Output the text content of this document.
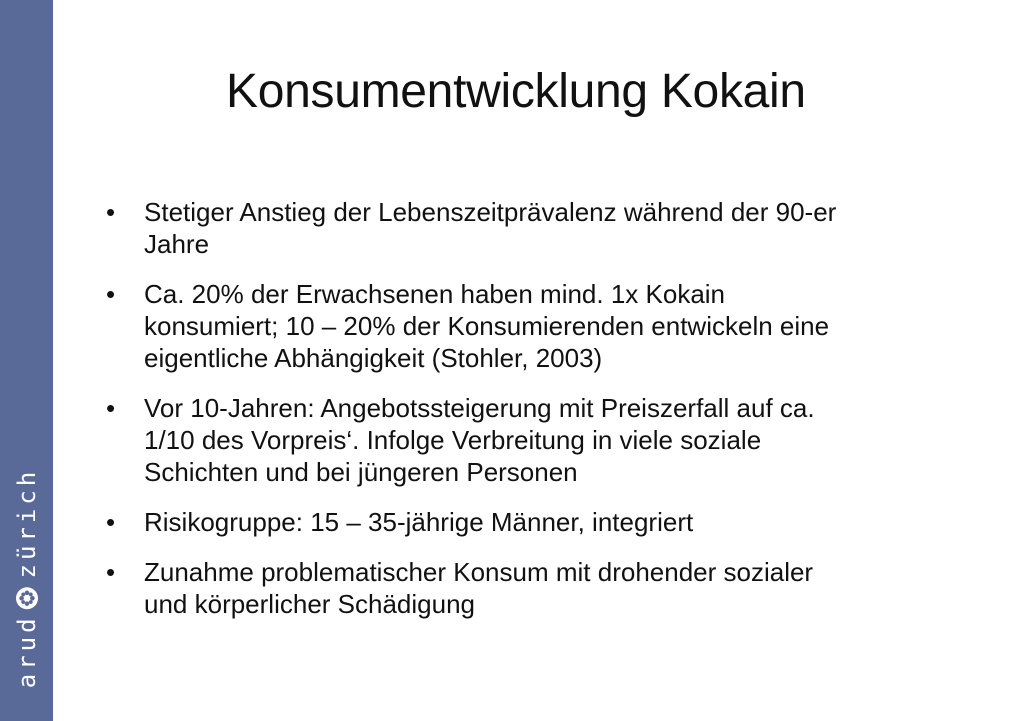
arud
zürich
Konsumentwicklung Kokain
•	Stetiger Anstieg der Lebenszeitprävalenz während der 90-er
Jahre
•	Ca. 20% der Erwachsenen haben mind. 1x Kokain
konsumiert; 10 – 20% der Konsumierenden entwickeln eine
eigentliche Abhängigkeit (Stohler, 2003)
•	Vor 10-Jahren: Angebotssteigerung mit Preiszerfall auf ca.
1/10 des Vorpreis‘. Infolge Verbreitung in viele soziale
Schichten und bei jüngeren Personen
•	Risikogruppe: 15 – 35-jährige Männer, integriert
•	Zunahme problematischer Konsum mit drohender sozialer
und körperlicher Schädigung
